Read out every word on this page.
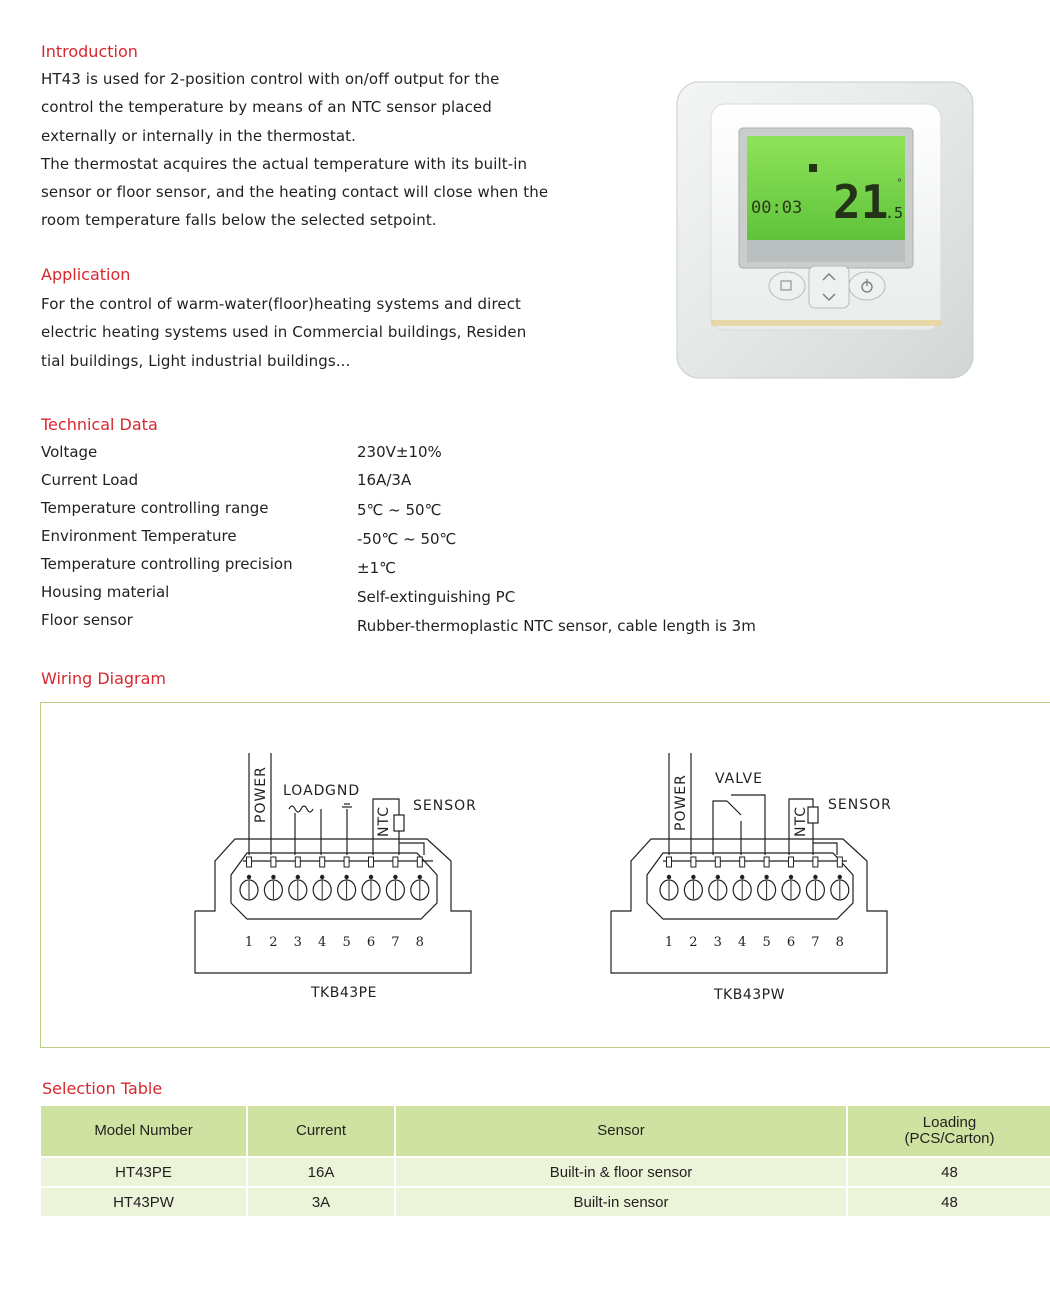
Introduction
HT43 is used for 2-position control with on/off output for the
control the temperature by means of an NTC sensor placed
externally or internally in the thermostat.
The thermostat acquires the actual temperature with its built-in
sensor or floor sensor, and the heating contact will close when the
room temperature falls below the selected setpoint.
Application
For the control of warm-water(floor)heating systems and direct
electric heating systems used in Commercial buildings, Residen
tial buildings, Light industrial buildings...
00:03 21
.5
°
Technical Data
Voltage	230V±10%
Current Load	16A/3A
Temperature controlling range	5℃ ~ 50℃
Environment Temperature	-50℃ ~ 50℃
Temperature controlling precision	±1℃
Housing material	Self-extinguishing PC
Floor sensor	Rubber-thermoplastic NTC sensor, cable length is 3m
Wiring Diagram
1 2 3 4 5 6 7 8	1 2 3 4 5 6 7 8
POWER LOAD GND
NTC
SENSOR
TKB43PE
POWER VALVE
NTC
SENSOR
TKB43PW
Selection Table
Model Number	Current	Sensor	Loading
(PCS/Carton)

HT43PE	16A	Built-in & floor sensor	48
HT43PW	3A	Built-in sensor	48
